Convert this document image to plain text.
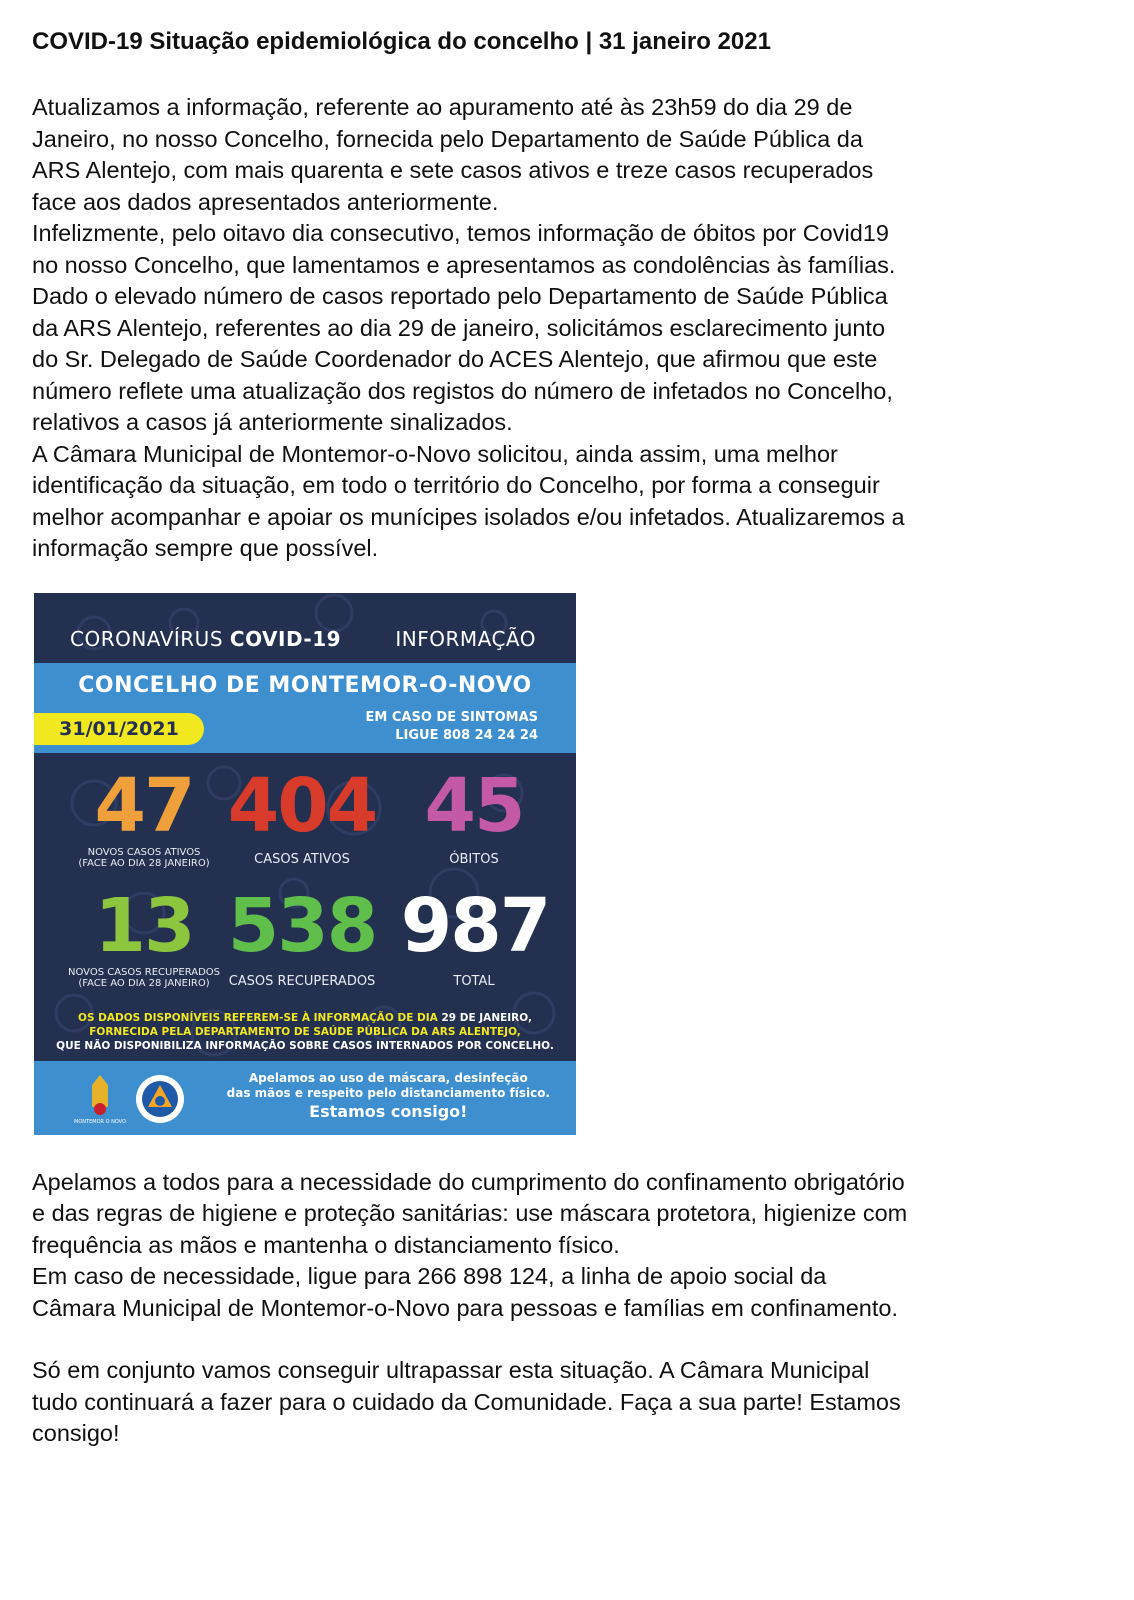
COVID-19 Situação epidemiológica do concelho | 31 janeiro 2021

Atualizamos a informação, referente ao apuramento até às 23h59 do dia 29 de

Janeiro, no nosso Concelho, fornecida pelo Departamento de Saúde Pública da

ARS Alentejo, com mais quarenta e sete casos ativos e treze casos recuperados

face aos dados apresentados anteriormente.

Infelizmente, pelo oitavo dia consecutivo, temos informação de óbitos por Covid19

no nosso Concelho, que lamentamos e apresentamos as condolências às famílias.

Dado o elevado número de casos reportado pelo Departamento de Saúde Pública

da ARS Alentejo, referentes ao dia 29 de janeiro, solicitámos esclarecimento junto

do Sr. Delegado de Saúde Coordenador do ACES Alentejo, que afirmou que este

número reflete uma atualização dos registos do número de infetados no Concelho,

relativos a casos já anteriormente sinalizados.

A Câmara Municipal de Montemor-o-Novo solicitou, ainda assim, uma melhor

identificação da situação, em todo o território do Concelho, por forma a conseguir

melhor acompanhar e apoiar os munícipes isolados e/ou infetados. Atualizaremos a

informação sempre que possível.

CORONAVÍRUS COVID-19	INFORMAÇÃO
CONCELHO DE MONTEMOR-O-NOVO
31/01/2021
EM CASO DE SINTOMAS
LIGUE 808 24 24 24
47
NOVOS CASOS ATIVOS
(FACE AO DIA 28 JANEIRO)
404
CASOS ATIVOS
45
ÓBITOS
13
NOVOS CASOS RECUPERADOS
(FACE AO DIA 28 JANEIRO)
538
CASOS RECUPERADOS
987
TOTAL
OS DADOS DISPONÍVEIS REFEREM-SE À INFORMAÇÃO DE DIA 29 DE JANEIRO,
FORNECIDA PELA DEPARTAMENTO DE SAÚDE PÚBLICA DA ARS ALENTEJO,
QUE NÃO DISPONIBILIZA INFORMAÇÃO SOBRE CASOS INTERNADOS POR CONCELHO.
MONTEMOR O NOVO
Apelamos ao uso de máscara, desinfeção
das mãos e respeito pelo distanciamento físico.
Estamos consigo!

Apelamos a todos para a necessidade do cumprimento do confinamento obrigatório

e das regras de higiene e proteção sanitárias: use máscara protetora, higienize com

frequência as mãos e mantenha o distanciamento físico.

Em caso de necessidade, ligue para 266 898 124, a linha de apoio social da

Câmara Municipal de Montemor-o-Novo para pessoas e famílias em confinamento.

Só em conjunto vamos conseguir ultrapassar esta situação. A Câmara Municipal

tudo continuará a fazer para o cuidado da Comunidade. Faça a sua parte! Estamos

consigo!
